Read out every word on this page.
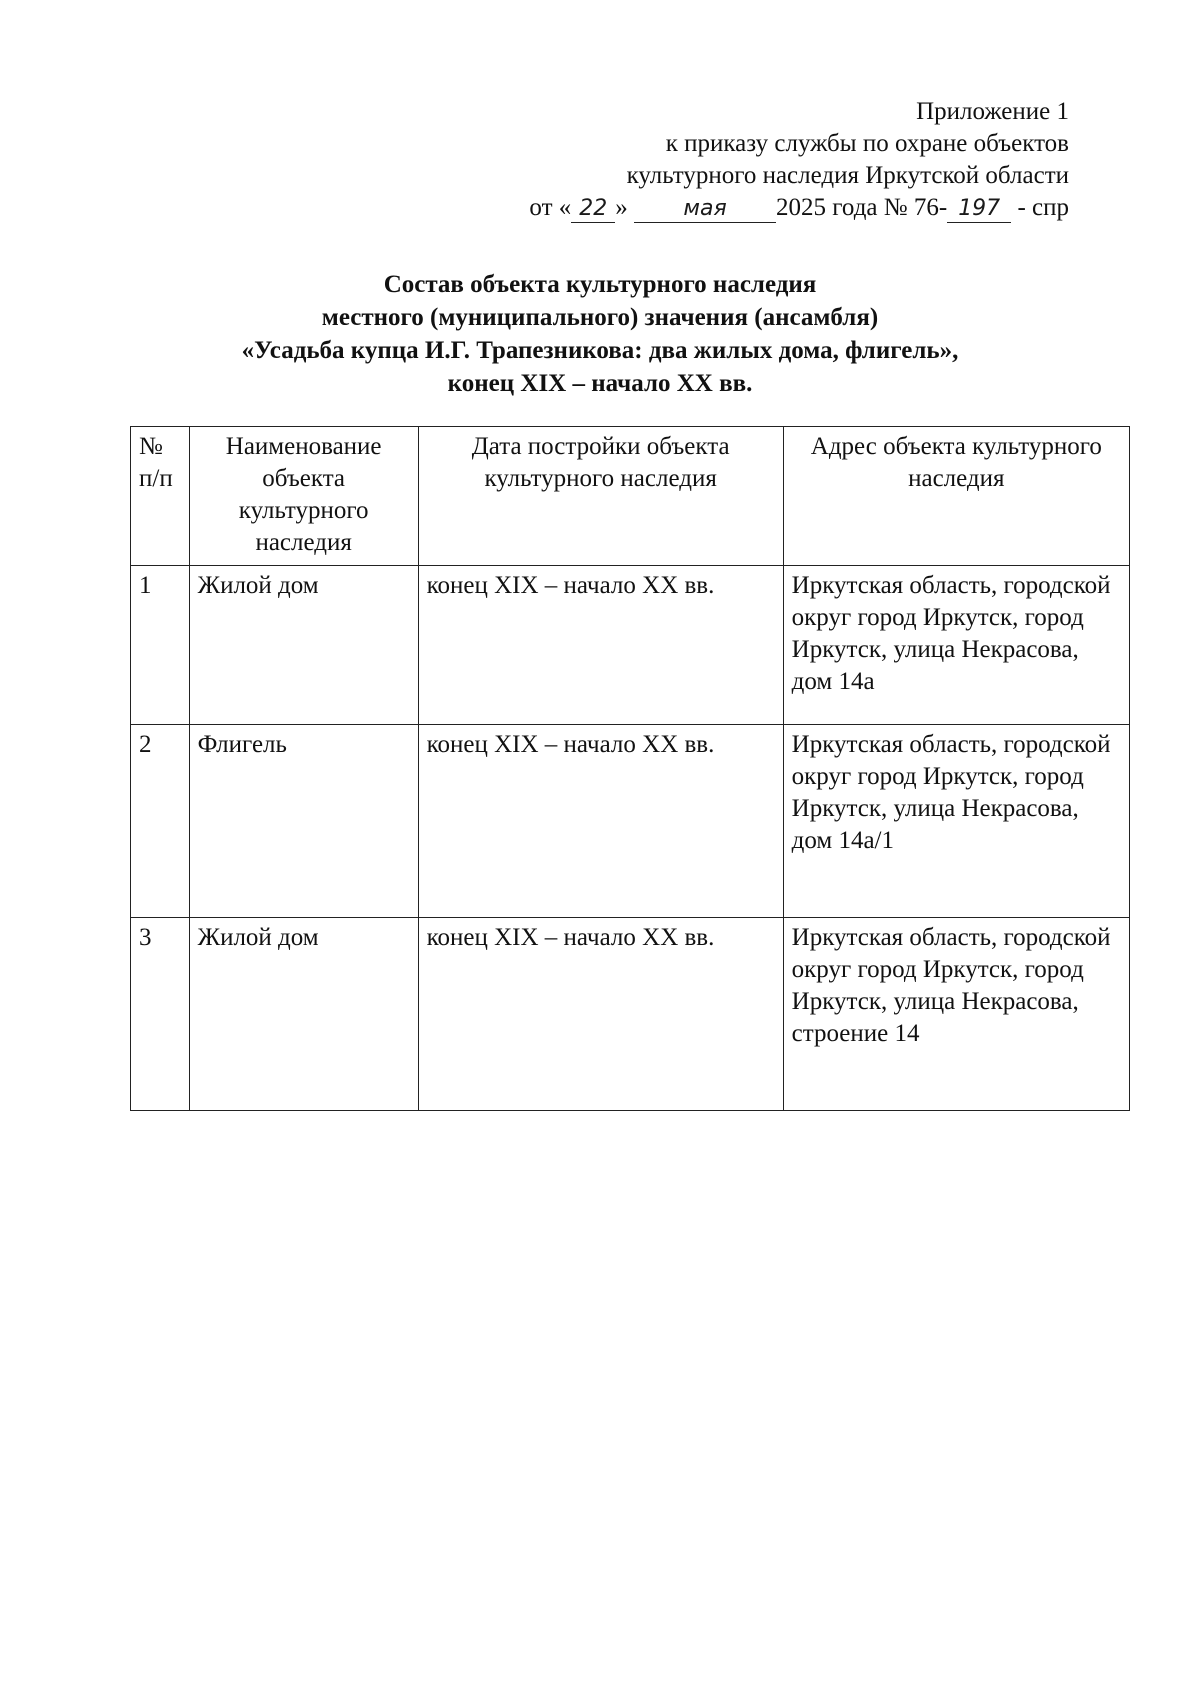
Приложение 1
к приказу службы по охране объектов
культурного наследия Иркутской области
от « 22 »	мая 2025 года № 76- 197 - спр
Состав объекта культурного наследия
местного (муниципального) значения (ансамбля)
«Усадьба купца И.Г. Трапезникова: два жилых дома, флигель»,
конец XIX – начало XX вв.
№
п/п	Наименование объекта культурного наследия	Дата постройки объекта культурного наследия	Адрес объекта культурного наследия
1	Жилой дом	конец XIX – начало XX вв.	Иркутская область, городской округ город Иркутск, город Иркутск, улица Некрасова, дом 14а
2	Флигель	конец XIX – начало XX вв.	Иркутская область, городской округ город Иркутск, город Иркутск, улица Некрасова, дом 14а/1
3	Жилой дом	конец XIX – начало XX вв.	Иркутская область, городской округ город Иркутск, город Иркутск, улица Некрасова, строение 14
